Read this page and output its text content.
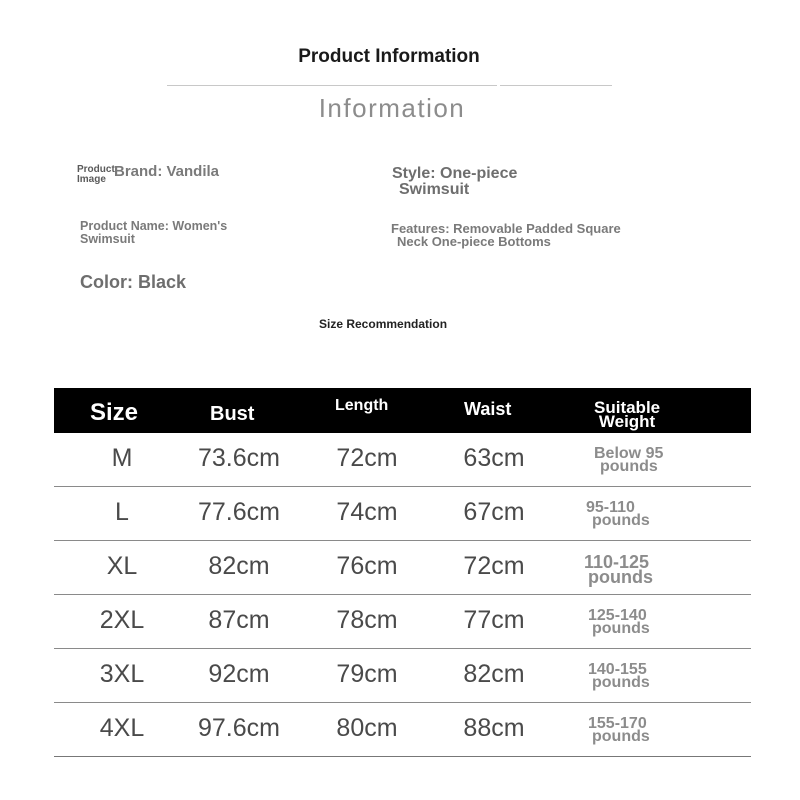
Product Information
Information
Product
Image Brand: Vandila	Style: One-piece
Swimsuit
Product Name: Women's
Swimsuit
Features: Removable Padded Square
Neck One-piece Bottoms
Color: Black
Size Recommendation
Size	Bust	Length	Waist	Suitable
Weight
M	73.6cm	72cm	63cm	Below 95
pounds
L	77.6cm	74cm	67cm	95-110
pounds
XL	82cm	76cm	72cm	110-125
pounds
2XL	87cm	78cm	77cm	125-140
pounds
3XL	92cm	79cm	82cm	140-155
pounds
4XL	97.6cm	80cm	88cm	155-170
pounds
